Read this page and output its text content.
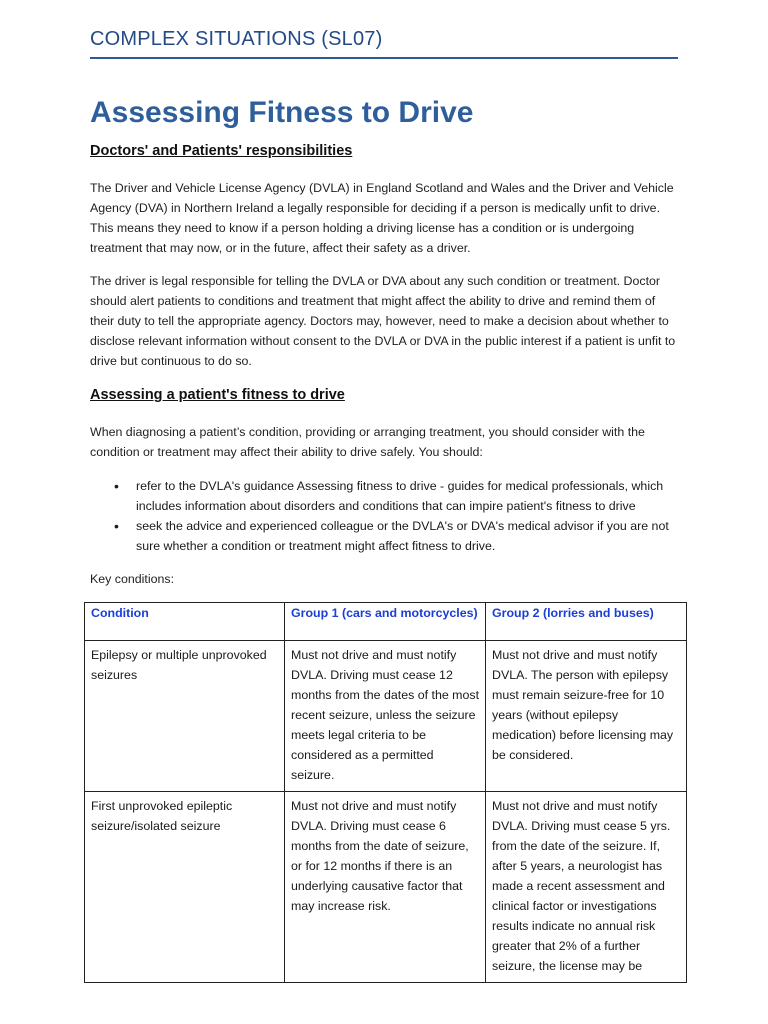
COMPLEX SITUATIONS (SL07)
Assessing Fitness to Drive
Doctors' and Patients' responsibilities
The Driver and Vehicle License Agency (DVLA) in England Scotland and Wales and the Driver and Vehicle Agency (DVA) in Northern Ireland a legally responsible for deciding if a person is medically unfit to drive. This means they need to know if a person holding a driving license has a condition or is undergoing treatment that may now, or in the future, affect their safety as a driver.
The driver is legal responsible for telling the DVLA or DVA about any such condition or treatment. Doctor should alert patients to conditions and treatment that might affect the ability to drive and remind them of their duty to tell the appropriate agency. Doctors may, however, need to make a decision about whether to disclose relevant information without consent to the DVLA or DVA in the public interest if a patient is unfit to drive but continuous to do so.
Assessing a patient's fitness to drive
When diagnosing a patient’s condition, providing or arranging treatment, you should consider with the condition or treatment may affect their ability to drive safely. You should:
• refer to the DVLA's guidance Assessing fitness to drive - guides for medical professionals, which includes information about disorders and conditions that can impire patient's fitness to drive
• seek the advice and experienced colleague or the DVLA's or DVA's medical advisor if you are not sure whether a condition or treatment might affect fitness to drive.
Key conditions:
Condition	Group 1 (cars and motorcycles)	Group 2 (lorries and buses)
Epilepsy or multiple unprovoked seizures	Must not drive and must notify DVLA. Driving must cease 12 months from the dates of the most recent seizure, unless the seizure meets legal criteria to be considered as a permitted seizure.	Must not drive and must notify DVLA. The person with epilepsy must remain seizure-free for 10 years (without epilepsy medication) before licensing may be considered.
First unprovoked epileptic seizure/isolated seizure	Must not drive and must notify DVLA. Driving must cease 6 months from the date of seizure, or for 12 months if there is an underlying causative factor that may increase risk.	Must not drive and must notify DVLA. Driving must cease 5 yrs. from the date of the seizure. If, after 5 years, a neurologist has made a recent assessment and clinical factor or investigations results indicate no annual risk greater that 2% of a further seizure, the license may be
